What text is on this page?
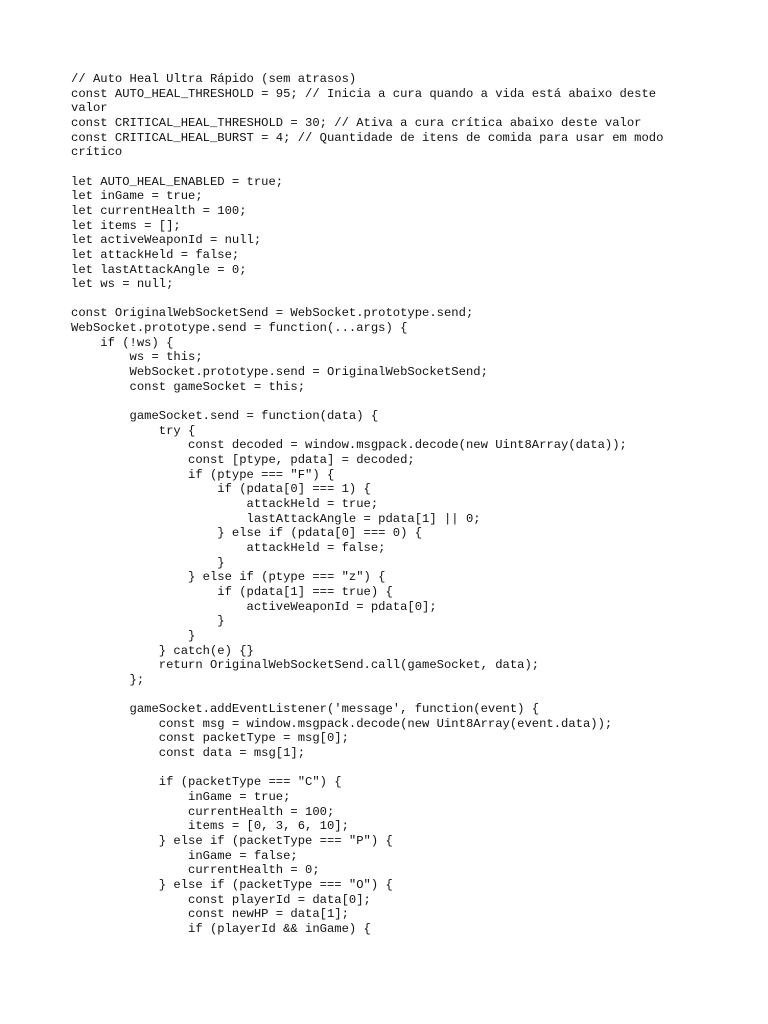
// Auto Heal Ultra Rápido (sem atrasos)
const AUTO_HEAL_THRESHOLD = 95; // Inicia a cura quando a vida está abaixo deste
valor
const CRITICAL_HEAL_THRESHOLD = 30; // Ativa a cura crítica abaixo deste valor
const CRITICAL_HEAL_BURST = 4; // Quantidade de itens de comida para usar em modo
crítico
let AUTO_HEAL_ENABLED = true;
let inGame = true;
let currentHealth = 100;
let items = [];
let activeWeaponId = null;
let attackHeld = false;
let lastAttackAngle = 0;
let ws = null;
const OriginalWebSocketSend = WebSocket.prototype.send;
WebSocket.prototype.send = function(...args) {
if (!ws) {
ws = this;
WebSocket.prototype.send = OriginalWebSocketSend;
const gameSocket = this;
gameSocket.send = function(data) {
try {
const decoded = window.msgpack.decode(new Uint8Array(data));
const [ptype, pdata] = decoded;
if (ptype === "F") {
if (pdata[0] === 1) {
attackHeld = true;
lastAttackAngle = pdata[1] || 0;
} else if (pdata[0] === 0) {
attackHeld = false;
}
} else if (ptype === "z") {
if (pdata[1] === true) {
activeWeaponId = pdata[0];
}
}
} catch(e) {}
return OriginalWebSocketSend.call(gameSocket, data);
};
gameSocket.addEventListener('message', function(event) {
const msg = window.msgpack.decode(new Uint8Array(event.data));
const packetType = msg[0];
const data = msg[1];
if (packetType === "C") {
inGame = true;
currentHealth = 100;
items = [0, 3, 6, 10];
} else if (packetType === "P") {
inGame = false;
currentHealth = 0;
} else if (packetType === "O") {
const playerId = data[0];
const newHP = data[1];
if (playerId && inGame) {
